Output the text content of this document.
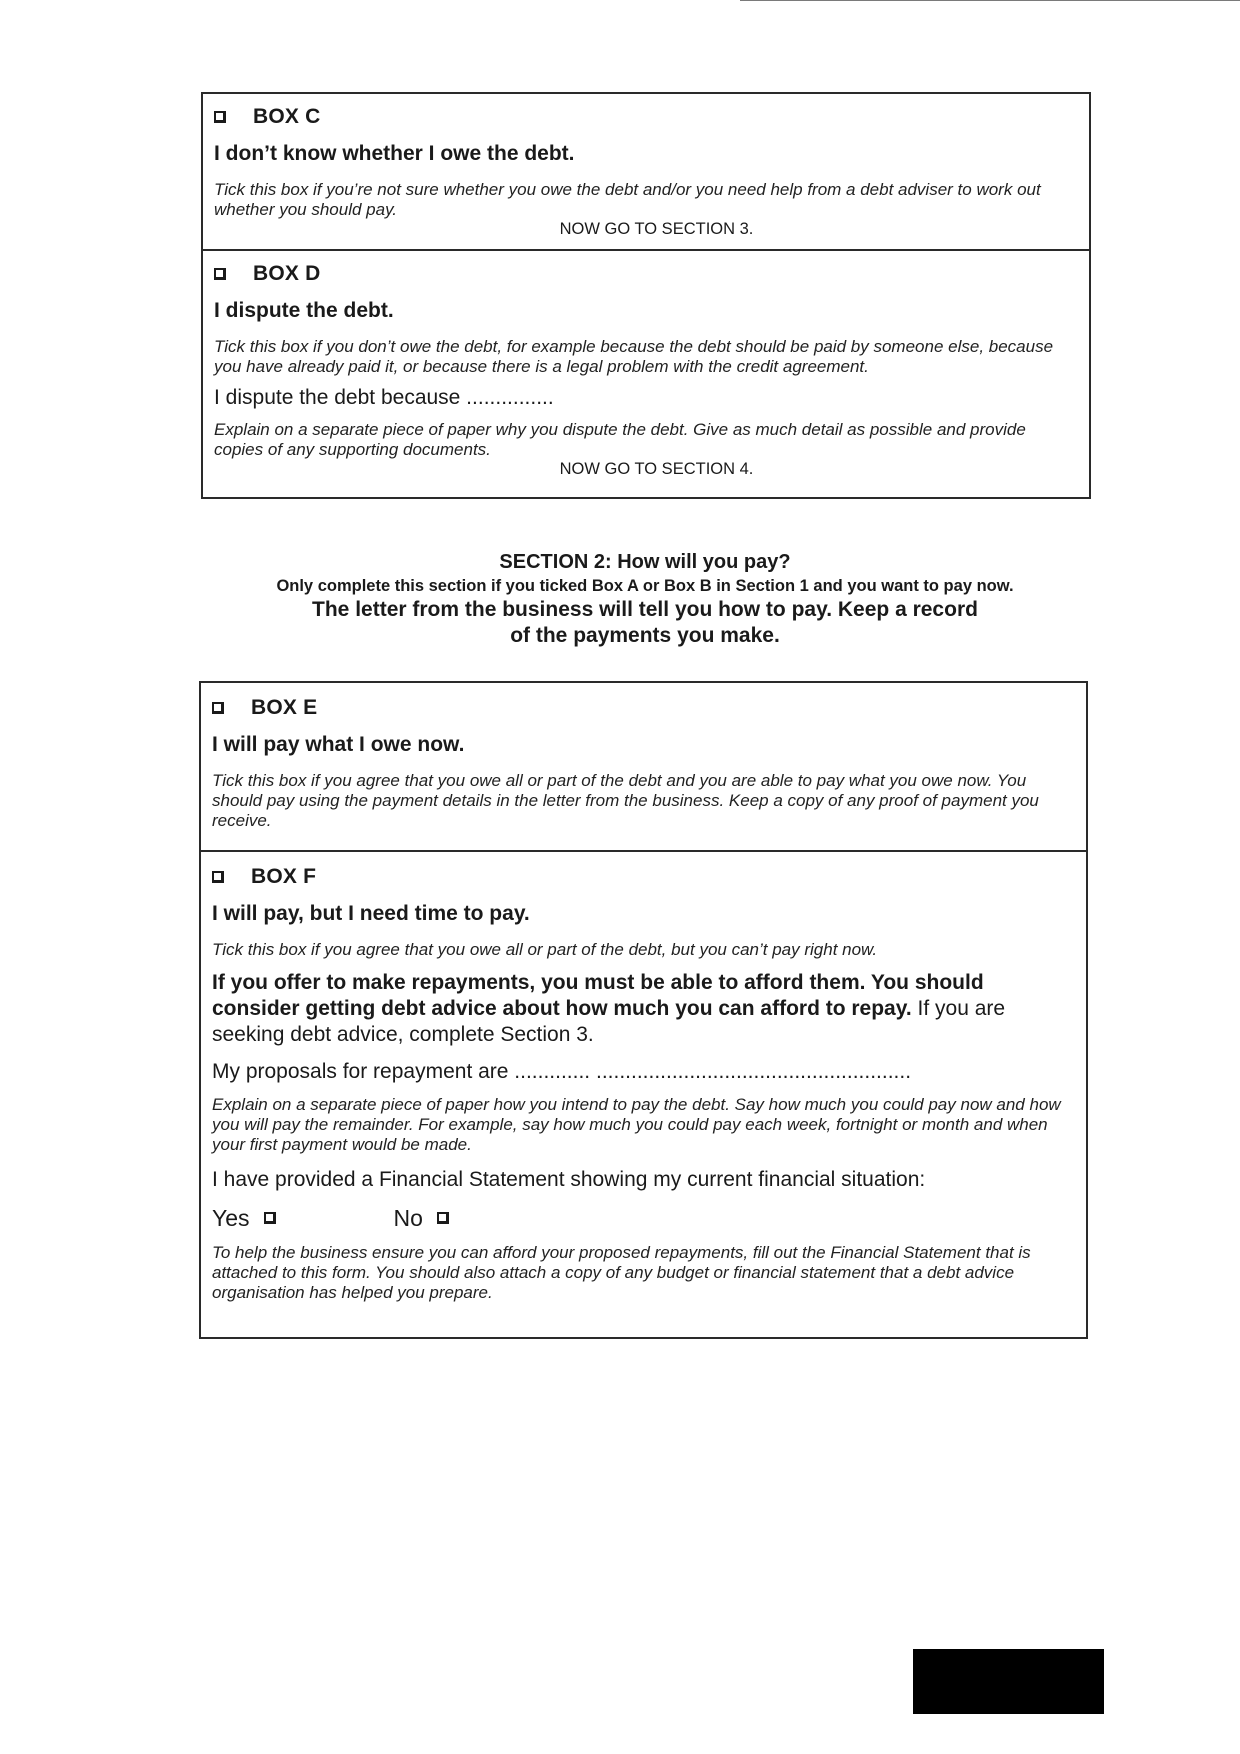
BOX C
I don’t know whether I owe the debt.
Tick this box if you’re not sure whether you owe the debt and/or you need help from a debt adviser to work out whether you should pay.
NOW GO TO SECTION 3.
BOX D
I dispute the debt.
Tick this box if you don’t owe the debt, for example because the debt should be paid by someone else, because you have already paid it, or because there is a legal problem with the credit agreement.
I dispute the debt because ...............
Explain on a separate piece of paper why you dispute the debt. Give as much detail as possible and provide copies of any supporting documents.
NOW GO TO SECTION 4.
SECTION 2: How will you pay?
Only complete this section if you ticked Box A or Box B in Section 1 and you want to pay now.
The letter from the business will tell you how to pay. Keep a record of the payments you make.
BOX E
I will pay what I owe now.
Tick this box if you agree that you owe all or part of the debt and you are able to pay what you owe now. You should pay using the payment details in the letter from the business. Keep a copy of any proof of payment you receive.
BOX F
I will pay, but I need time to pay.
Tick this box if you agree that you owe all or part of the debt, but you can’t pay right now.
If you offer to make repayments, you must be able to afford them. You should consider getting debt advice about how much you can afford to repay. If you are seeking debt advice, complete Section 3.
My proposals for repayment are ............. ......................................................
Explain on a separate piece of paper how you intend to pay the debt. Say how much you could pay now and how you will pay the remainder. For example, say how much you could pay each week, fortnight or month and when your first payment would be made.
I have provided a Financial Statement showing my current financial situation:
Yes	No
To help the business ensure you can afford your proposed repayments, fill out the Financial Statement that is attached to this form. You should also attach a copy of any budget or financial statement that a debt advice organisation has helped you prepare.
